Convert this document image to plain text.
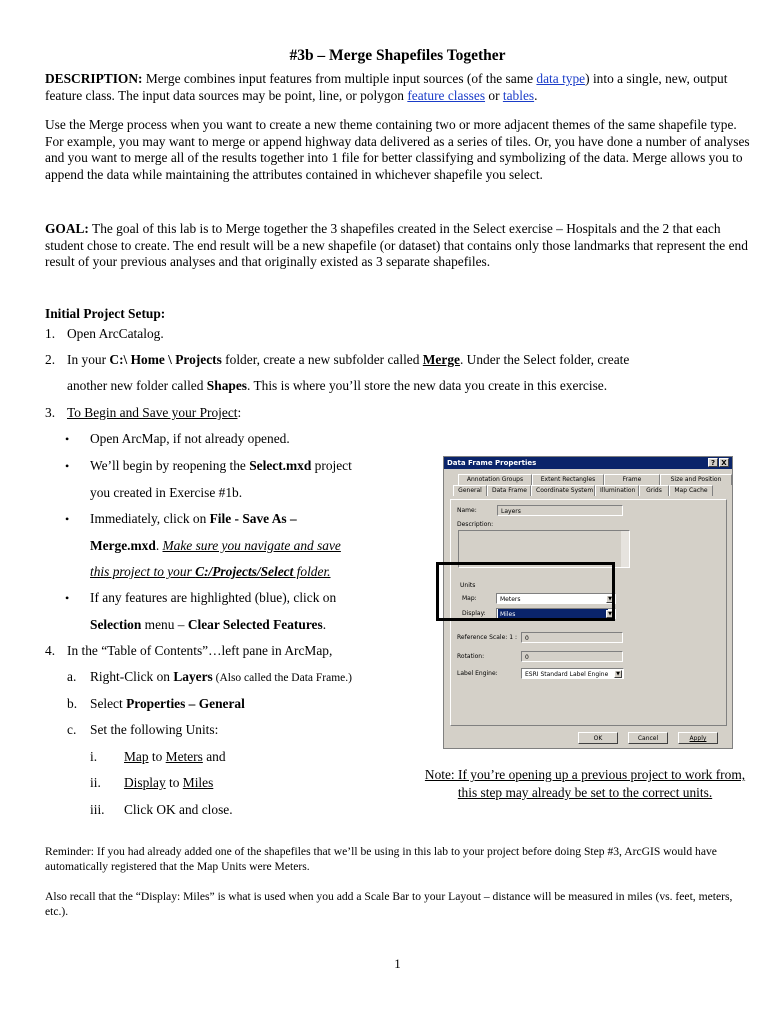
#3b – Merge Shapefiles Together
DESCRIPTION: Merge combines input features from multiple input sources (of the same data type) into a single, new, output feature class. The input data sources may be point, line, or polygon feature classes or tables.
Use the Merge process when you want to create a new theme containing two or more adjacent themes of the same shapefile type. For example, you may want to merge or append highway data delivered as a series of tiles. Or, you have done a number of analyses and you want to merge all of the results together into 1 file for better classifying and symbolizing of the data. Merge allows you to append the data while maintaining the attributes contained in whichever shapefile you select.
GOAL: The goal of this lab is to Merge together the 3 shapefiles created in the Select exercise – Hospitals and the 2 that each student chose to create. The end result will be a new shapefile (or dataset) that contains only those landmarks that represent the end result of your previous analyses and that originally existed as 3 separate shapefiles.
Initial Project Setup:
1. Open ArcCatalog.
2. In your C:\ Home \ Projects folder, create a new subfolder called Merge. Under the Select folder, create
another new folder called Shapes. This is where you’ll store the new data you create in this exercise.
3. To Begin and Save your Project:
• Open ArcMap, if not already opened.
• We’ll begin by reopening the Select.mxd project
you created in Exercise #1b.
• Immediately, click on File - Save As –
Merge.mxd. Make sure you navigate and save
this project to your C:/Projects/Select folder.
• If any features are highlighted (blue), click on
Selection menu – Clear Selected Features.
4. In the “Table of Contents”…left pane in ArcMap,
a. Right-Click on Layers (Also called the Data Frame.)
b. Select Properties – General
c. Set the following Units:
i. Map to Meters and
ii. Display to Miles
iii. Click OK and close.
Note: If you’re opening up a previous project to work from, this step may already be set to the correct units.
Reminder: If you had already added one of the shapefiles that we’ll be using in this lab to your project before doing Step #3, ArcGIS would have automatically registered that the Map Units were Meters.
Also recall that the “Display: Miles” is what is used when you add a Scale Bar to your Layout – distance will be measured in miles (vs. feet, meters, etc.).
1
Data Frame Properties	? X
Annotation Groups	Extent Rectangles	Frame	Size and Position
General	Data Frame	Coordinate System	Illumination	Grids	Map Cache
Name:	Layers
Description:
Units
Map:	Meters	▼
Display:	Miles	▼
Reference Scale: 1 :	0
Rotation:	0
Label Engine:	ESRI Standard Label Engine	▼
OK	Cancel	Apply
